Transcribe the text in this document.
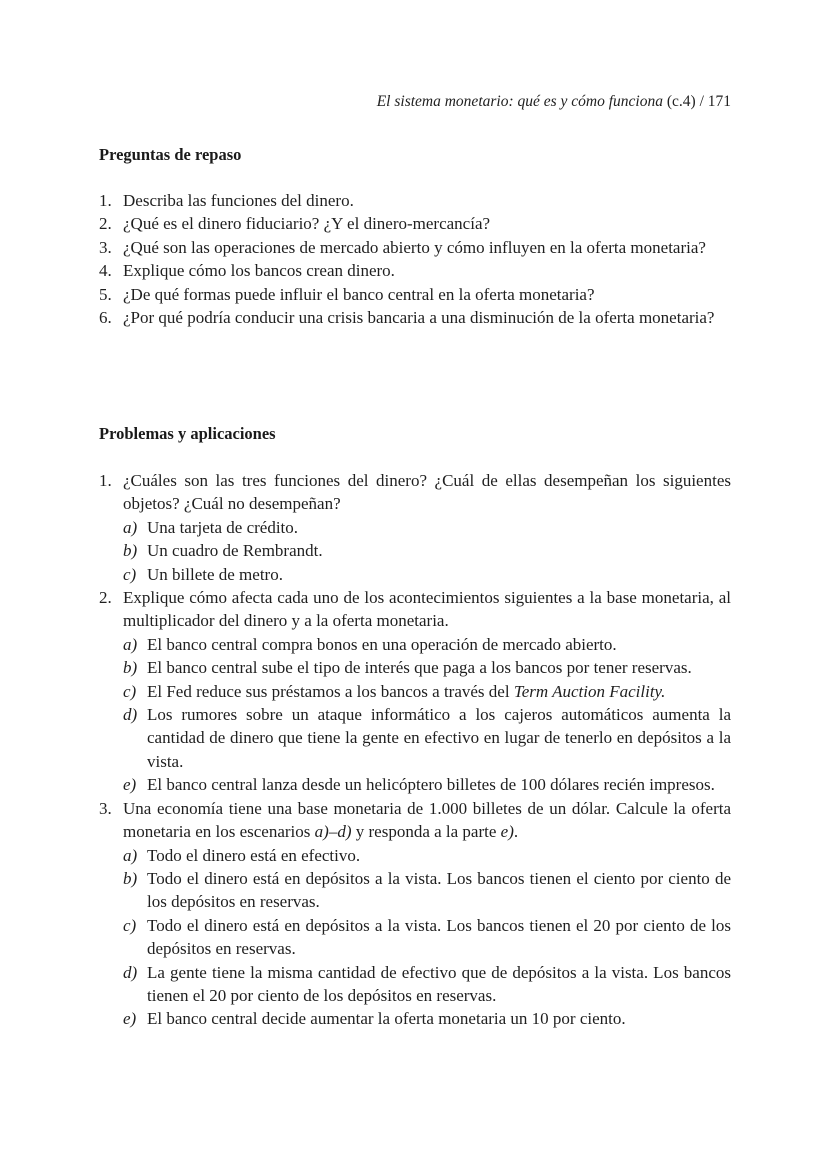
El sistema monetario: qué es y cómo funciona (c.4) / 171
Preguntas de repaso
1. Describa las funciones del dinero.
2. ¿Qué es el dinero fiduciario? ¿Y el dinero-mercancía?
3. ¿Qué son las operaciones de mercado abierto y cómo influyen en la oferta monetaria?
4. Explique cómo los bancos crean dinero.
5. ¿De qué formas puede influir el banco central en la oferta monetaria?
6. ¿Por qué podría conducir una crisis bancaria a una disminución de la oferta monetaria?
Problemas y aplicaciones
1. ¿Cuáles son las tres funciones del dinero? ¿Cuál de ellas desempeñan los siguientes objetos? ¿Cuál no desempeñan?
a) Una tarjeta de crédito.
b) Un cuadro de Rembrandt.
c) Un billete de metro.
2. Explique cómo afecta cada uno de los acontecimientos siguientes a la base monetaria, al multiplicador del dinero y a la oferta monetaria.
a) El banco central compra bonos en una operación de mercado abierto.
b) El banco central sube el tipo de interés que paga a los bancos por tener reservas.
c) El Fed reduce sus préstamos a los bancos a través del Term Auction Facility.
d) Los rumores sobre un ataque informático a los cajeros automáticos aumenta la cantidad de dinero que tiene la gente en efectivo en lugar de tenerlo en depósitos a la vista.
e) El banco central lanza desde un helicóptero billetes de 100 dólares recién impresos.
3. Una economía tiene una base monetaria de 1.000 billetes de un dólar. Calcule la oferta monetaria en los escenarios a)–d) y responda a la parte e).
a) Todo el dinero está en efectivo.
b) Todo el dinero está en depósitos a la vista. Los bancos tienen el ciento por ciento de los depósitos en reservas.
c) Todo el dinero está en depósitos a la vista. Los bancos tienen el 20 por ciento de los depósitos en reservas.
d) La gente tiene la misma cantidad de efectivo que de depósitos a la vista. Los bancos tienen el 20 por ciento de los depósitos en reservas.
e) El banco central decide aumentar la oferta monetaria un 10 por ciento.
